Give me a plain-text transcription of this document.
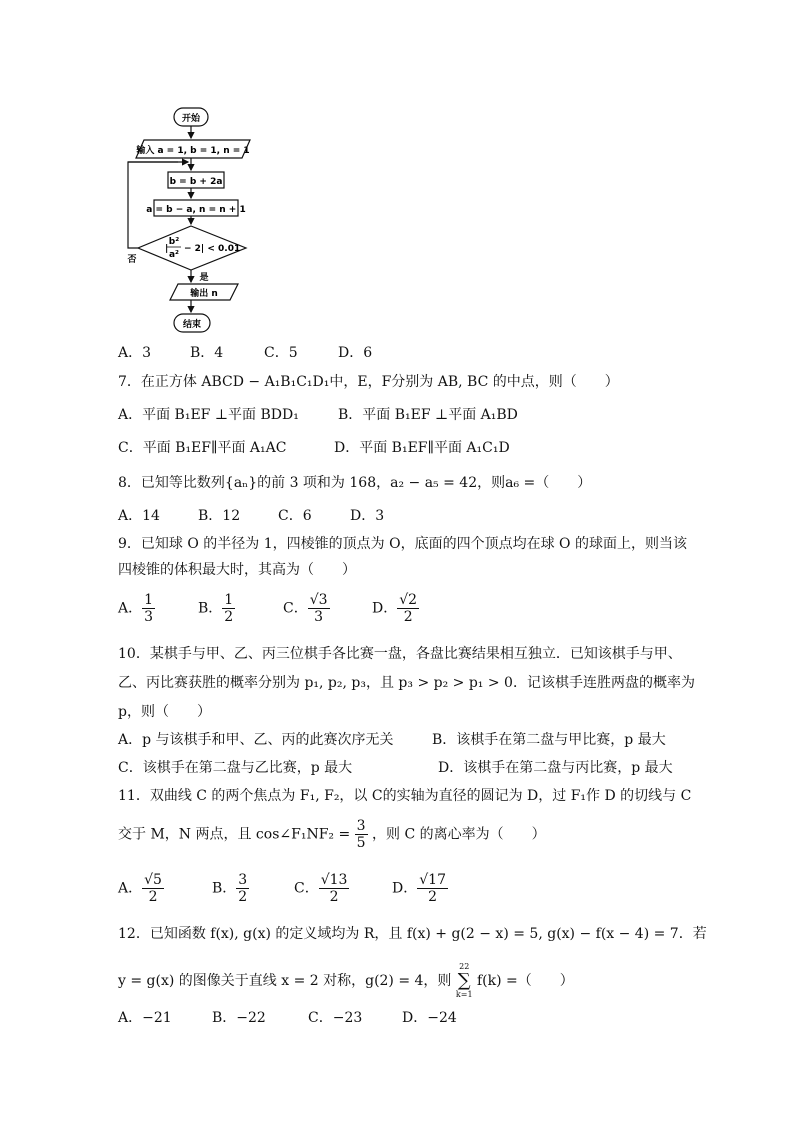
开始
输入 a = 1, b = 1, n = 1
b = b + 2a
a = b − a, n = n + 1
b²
a²
| − 2| < 0.01
否
是
输出 n
结束
A．3	B．4	C．5	D．6
7．在正方体 ABCD − A₁B₁C₁D₁中，E，F分别为 AB, BC 的中点，则（　　）
A．平面 B₁EF ⊥平面 BDD₁	B．平面 B₁EF ⊥平面 A₁BD
C．平面 B₁EF∥平面 A₁AC	D．平面 B₁EF∥平面 A₁C₁D
8．已知等比数列{aₙ}的前 3 项和为 168，a₂ − a₅ = 42，则a₆ =（　　）
A．14	B．12	C．6	D．3
9．已知球 O 的半径为 1，四棱锥的顶点为 O，底面的四个顶点均在球 O 的球面上，则当该
四棱锥的体积最大时，其高为（　　）
A． $\frac{1}{3}$	B． $\frac{1}{2}$	C． $\frac{√3}{3}$	D． $\frac{√2}{2}$
10．某棋手与甲、乙、丙三位棋手各比赛一盘，各盘比赛结果相互独立．已知该棋手与甲、
乙、丙比赛获胜的概率分别为 p₁, p₂, p₃，且 p₃ > p₂ > p₁ > 0．记该棋手连胜两盘的概率为
p，则（　　）
A．p 与该棋手和甲、乙、丙的此赛次序无关	B．该棋手在第二盘与甲比赛，p 最大
C．该棋手在第二盘与乙比赛，p 最大	D．该棋手在第二盘与丙比赛，p 最大
11．双曲线 C 的两个焦点为 F₁, F₂，以 C的实轴为直径的圆记为 D，过 F₁作 D 的切线与 C
交于 M，N 两点，且 cos∠F₁NF₂ = $\frac{3}{5}$ ，则 C 的离心率为（　　）
A． $\frac{√5}{2}$	B． $\frac{3}{2}$	C． $\frac{√13}{2}$	D． $\frac{√17}{2}$
12．已知函数 f(x), g(x) 的定义域均为 R，且 f(x) + g(2 − x) = 5, g(x) − f(x − 4) = 7．若
y = g(x) 的图像关于直线 x = 2 对称，g(2) = 4，则
22
∑
k=1
f(k) =（　　）
A．−21	B．−22	C．−23	D．−24
